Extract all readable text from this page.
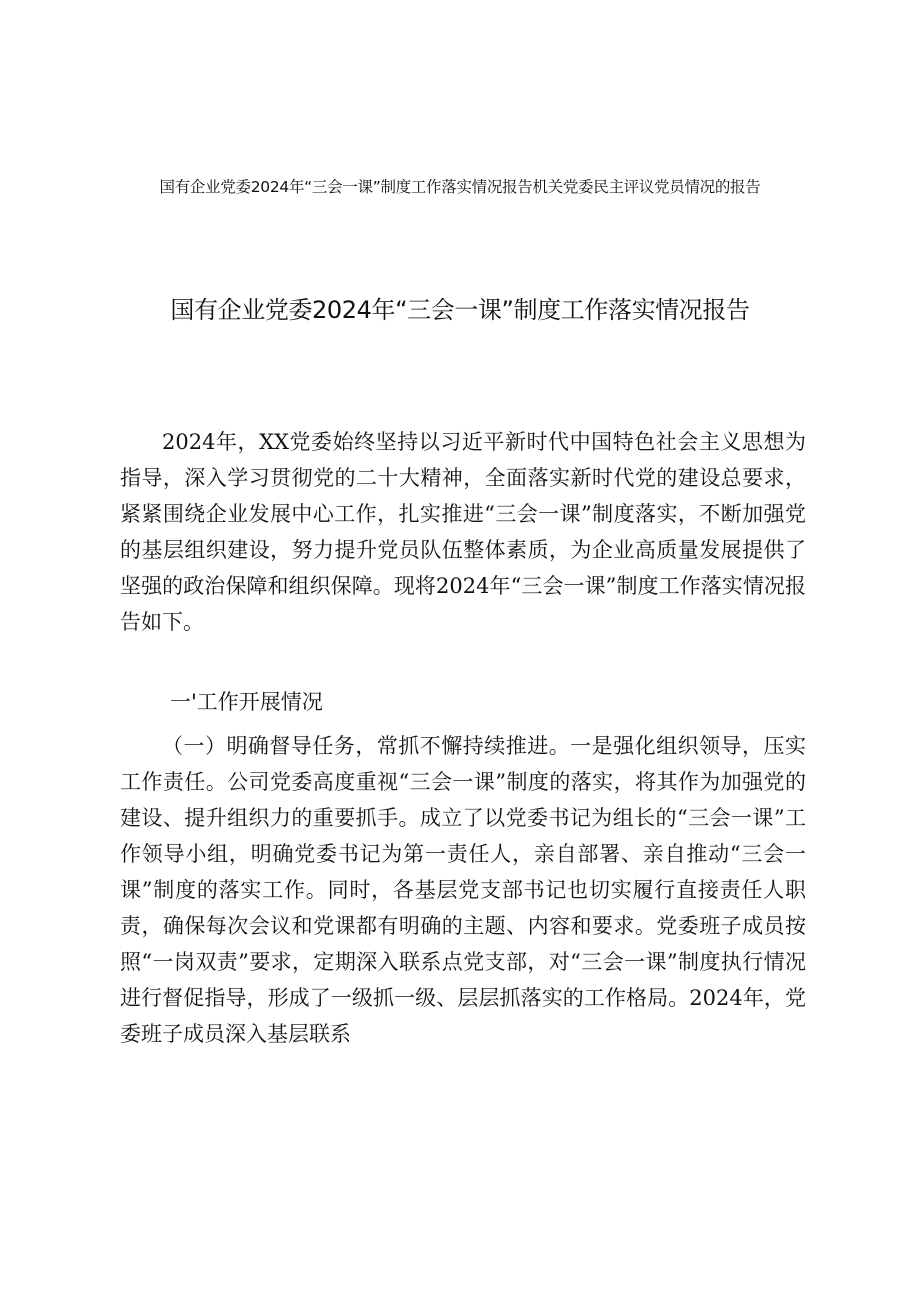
国有企业党委2024年“三会一课”制度工作落实情况报告机关党委民主评议党员情况的报告
国有企业党委2024年“三会一课”制度工作落实情况报告

2024年，XX党委始终坚持以习近平新时代中国特色社会主义思想为指导，深入学习贯彻党的二十大精神，全面落实新时代党的建设总要求，紧紧围绕企业发展中心工作，扎实推进“三会一课”制度落实，不断加强党的基层组织建设，努力提升党员队伍整体素质，为企业高质量发展提供了坚强的政治保障和组织保障。现将2024年“三会一课”制度工作落实情况报告如下。

一'工作开展情况

（一）明确督导任务，常抓不懈持续推进。一是强化组织领导，压实工作责任。公司党委高度重视“三会一课”制度的落实，将其作为加强党的建设、提升组织力的重要抓手。成立了以党委书记为组长的“三会一课”工作领导小组，明确党委书记为第一责任人，亲自部署、亲自推动“三会一课”制度的落实工作。同时，各基层党支部书记也切实履行直接责任人职责，确保每次会议和党课都有明确的主题、内容和要求。党委班子成员按照“一岗双责”要求，定期深入联系点党支部，对“三会一课”制度执行情况进行督促指导，形成了一级抓一级、层层抓落实的工作格局。2024年，党委班子成员深入基层联系
